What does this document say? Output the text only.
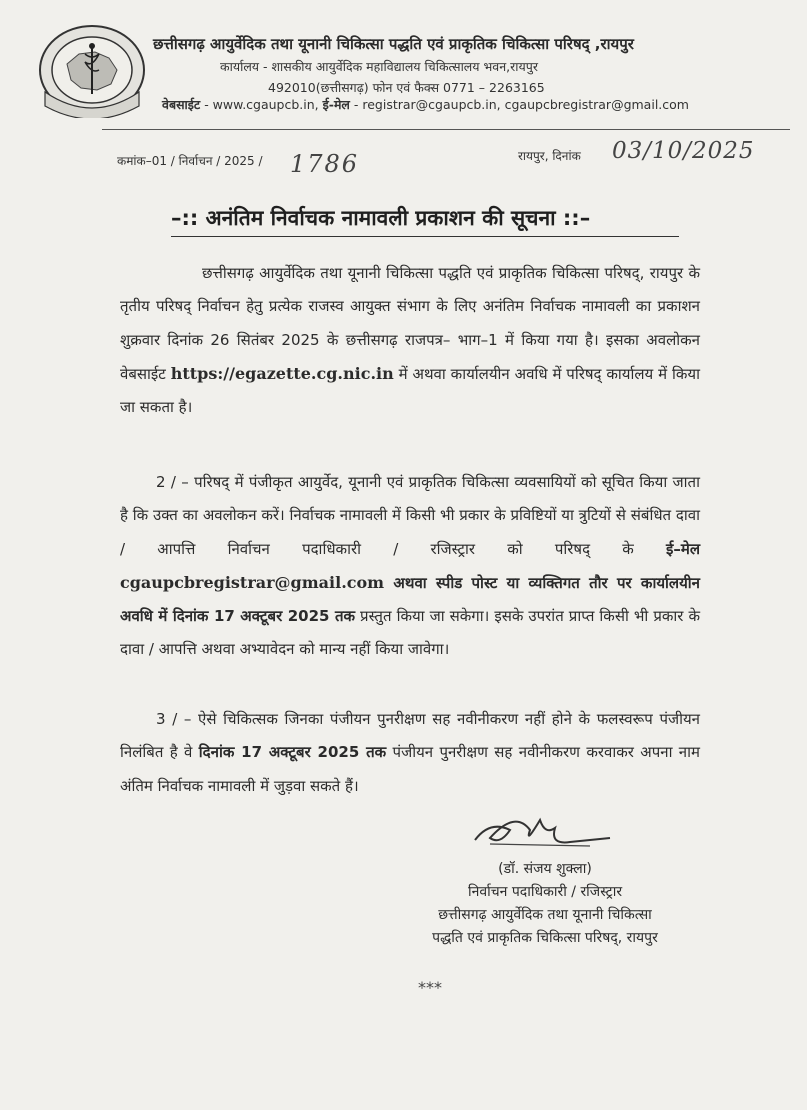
छत्तीसगढ़ आयुर्वेदिक तथा यूनानी चिकित्सा पद्धति एवं प्राकृतिक चिकित्सा परिषद् ,रायपुर
कार्यालय - शासकीय आयुर्वेदिक महाविद्यालय चिकित्सालय भवन,रायपुर
492010(छत्तीसगढ़) फोन एवं फैक्स 0771 – 2263165
वेबसाईट - www.cgaupcb.in, ई-मेल - registrar@cgaupcb.in, cgaupcbregistrar@gmail.com
कमांक–01 / निर्वाचन / 2025 / 1786	रायपुर, दिनांक 03/10/2025
–:: अनंतिम निर्वाचक नामावली प्रकाशन की सूचना ::–
छत्तीसगढ़ आयुर्वेदिक तथा यूनानी चिकित्सा पद्धति एवं प्राकृतिक चिकित्सा परिषद्, रायपुर के तृतीय परिषद् निर्वाचन हेतु प्रत्येक राजस्व आयुक्त संभाग के लिए अनंतिम निर्वाचक नामावली का प्रकाशन शुक्रवार दिनांक 26 सितंबर 2025 के छत्तीसगढ़ राजपत्र– भाग–1 में किया गया है। इसका अवलोकन वेबसाईट https://egazette.cg.nic.in में अथवा कार्यालयीन अवधि में परिषद् कार्यालय में किया जा सकता है।
2 / – परिषद् में पंजीकृत आयुर्वेद, यूनानी एवं प्राकृतिक चिकित्सा व्यवसायियों को सूचित किया जाता है कि उक्त का अवलोकन करें। निर्वाचक नामावली में किसी भी प्रकार के प्रविष्टियों या त्रुटियों से संबंधित दावा / आपत्ति निर्वाचन पदाधिकारी / रजिस्ट्रार को परिषद् के ई–मेल cgaupcbregistrar@gmail.com अथवा स्पीड पोस्ट या व्यक्तिगत तौर पर कार्यालयीन अवधि में दिनांक 17 अक्टूबर 2025 तक प्रस्तुत किया जा सकेगा। इसके उपरांत प्राप्त किसी भी प्रकार के दावा / आपत्ति अथवा अभ्यावेदन को मान्य नहीं किया जावेगा।
3 / – ऐसे चिकित्सक जिनका पंजीयन पुनरीक्षण सह नवीनीकरण नहीं होने के फलस्वरूप पंजीयन निलंबित है वे दिनांक 17 अक्टूबर 2025 तक पंजीयन पुनरीक्षण सह नवीनीकरण करवाकर अपना नाम अंतिम निर्वाचक नामावली में जुड़वा सकते हैं।
(डॉ. संजय शुक्ला)
निर्वाचन पदाधिकारी / रजिस्ट्रार
छत्तीसगढ़ आयुर्वेदिक तथा यूनानी चिकित्सा
पद्धति एवं प्राकृतिक चिकित्सा परिषद्, रायपुर
***
